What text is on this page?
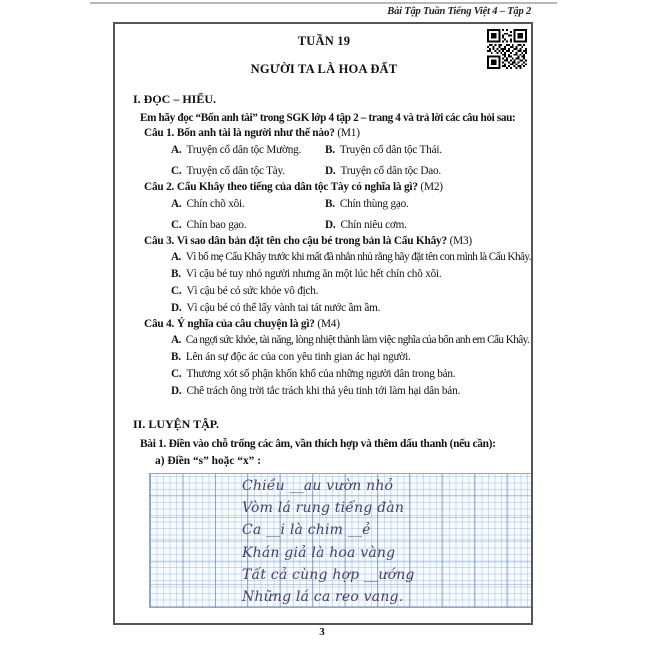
Bài Tập Tuần Tiếng Việt 4 – Tập 2
TUẦN 19
NGƯỜI TA LÀ HOA ĐẤT
I. ĐỌC – HIỂU.
Em hãy đọc “Bốn anh tài” trong SGK lớp 4 tập 2 – trang 4 và trả lời các câu hỏi sau:
Câu 1. Bốn anh tài là người như thế nào? (M1)
A. Truyện cổ dân tộc Mường.	B. Truyện cổ dân tộc Thái.
C. Truyện cổ dân tộc Tày.	D. Truyện cổ dân tộc Dao.
Câu 2. Cẩu Khây theo tiếng của dân tộc Tày có nghĩa là gì? (M2)
A. Chín chõ xôi.	B. Chín thùng gạo.
C. Chín bao gạo.	D. Chín niêu cơm.
Câu 3. Vì sao dân bản đặt tên cho cậu bé trong bản là Cẩu Khây? (M3)
A. Vì bố mẹ Cẩu Khây trước khi mất đã nhắn nhủ rằng hãy đặt tên con mình là Cẩu Khây.
B. Vì cậu bé tuy nhỏ người nhưng ăn một lúc hết chín chõ xôi.
C. Vì cậu bé có sức khỏe vô địch.
D. Vì cậu bé có thể lấy vành tai tát nước ầm ầm.
Câu 4. Ý nghĩa của câu chuyện là gì? (M4)
A. Ca ngợi sức khỏe, tài năng, lòng nhiệt thành làm việc nghĩa của bốn anh em Cẩu Khây.
B. Lên án sự độc ác của con yêu tinh gian ác hại người.
C. Thương xót số phận khốn khổ của những người dân trong bản.
D. Chê trách ông trời tắc trách khi thả yêu tinh tới làm hại dân bản.
II. LUYỆN TẬP.
Bài 1. Điền vào chỗ trống các âm, vần thích hợp và thêm dấu thanh (nếu cần):
a) Điền “s” hoặc “x” :
Chiều __au vườn nhỏ
Vòm lá rung tiếng đàn
Ca __i là chim __ẻ
Khán giả là hoa vàng
Tất cả cùng hợp __ướng
Những lá ca reo vang.
3
